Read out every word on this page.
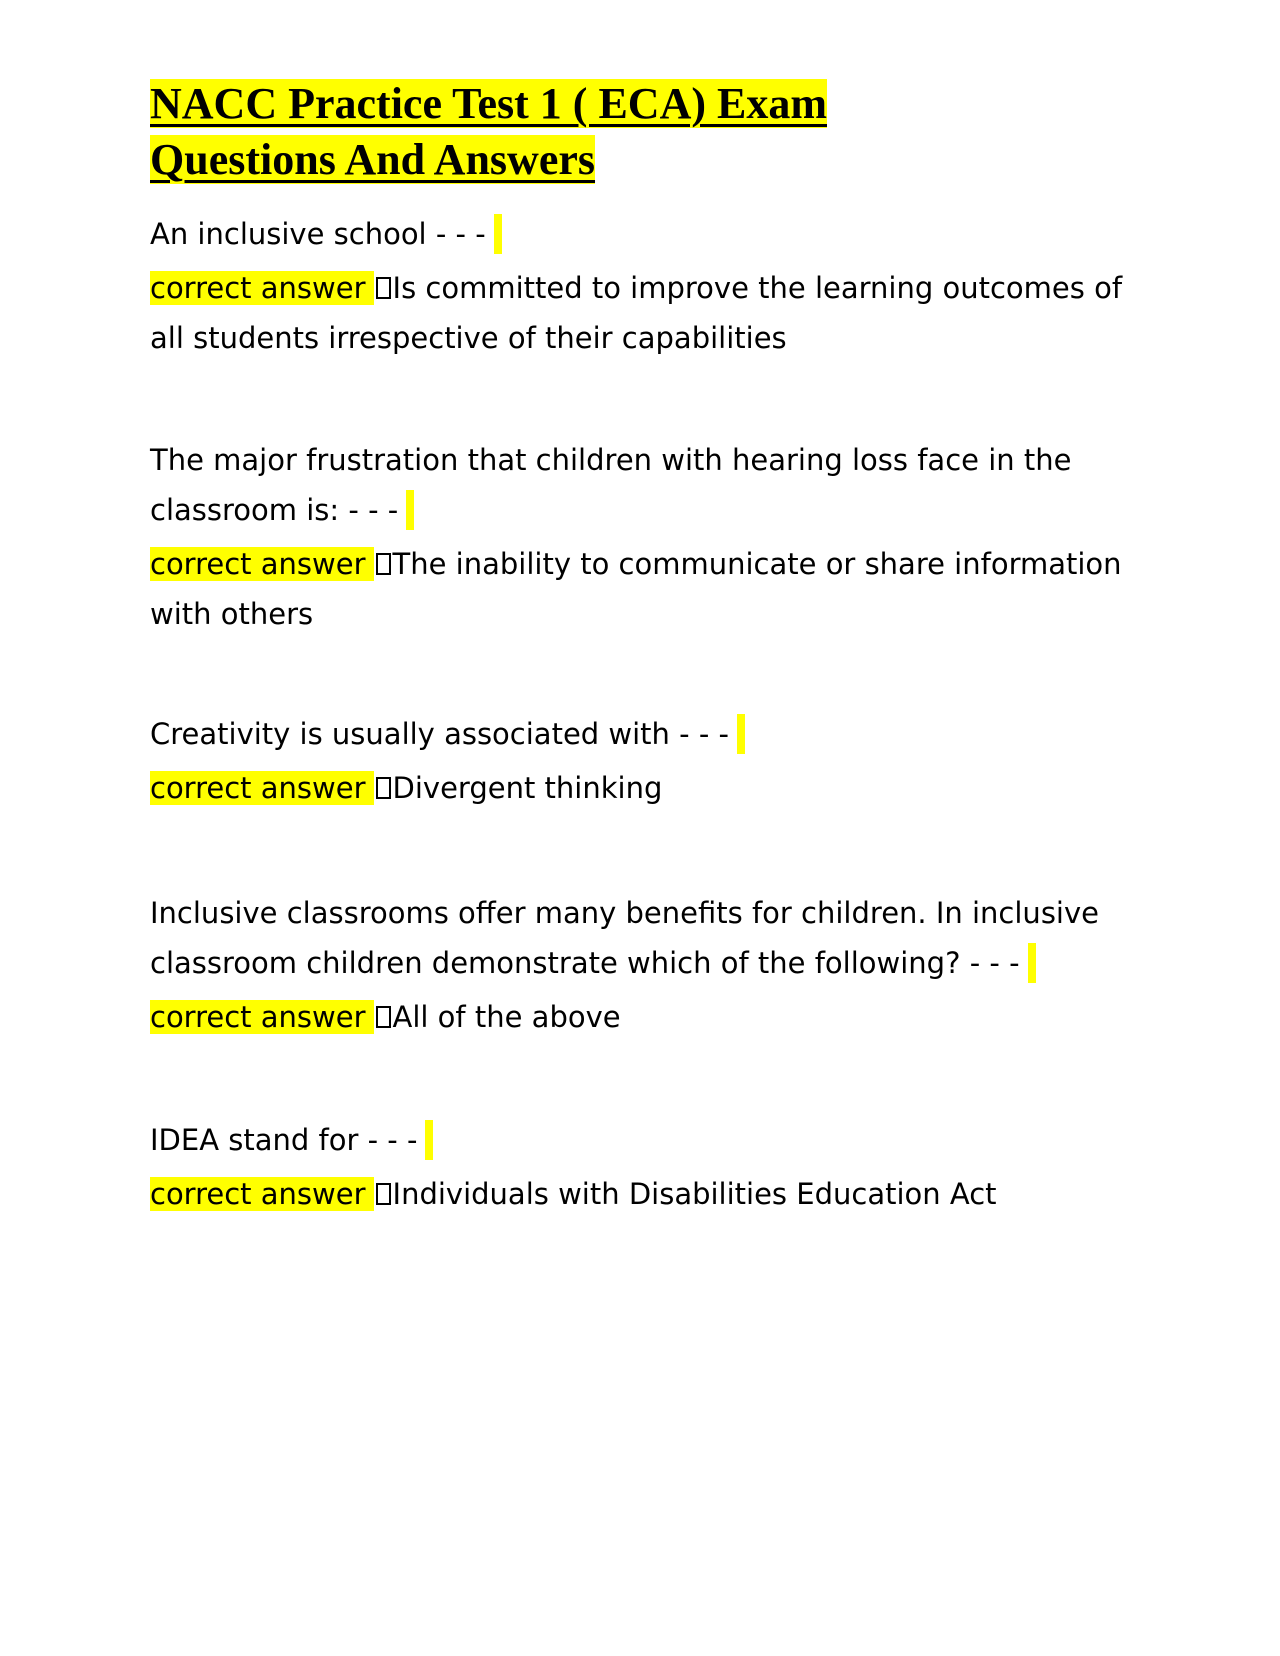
NACC Practice Test 1 ( ECA) Exam
Questions And Answers
An inclusive school - - -
correct answer Is committed to improve the learning outcomes of
all students irrespective of their capabilities
The major frustration that children with hearing loss face in the
classroom is: - - -
correct answer The inability to communicate or share information
with others
Creativity is usually associated with - - -
correct answer Divergent thinking
Inclusive classrooms offer many benefits for children. In inclusive
classroom children demonstrate which of the following? - - -
correct answer All of the above
IDEA stand for - - -
correct answer Individuals with Disabilities Education Act
